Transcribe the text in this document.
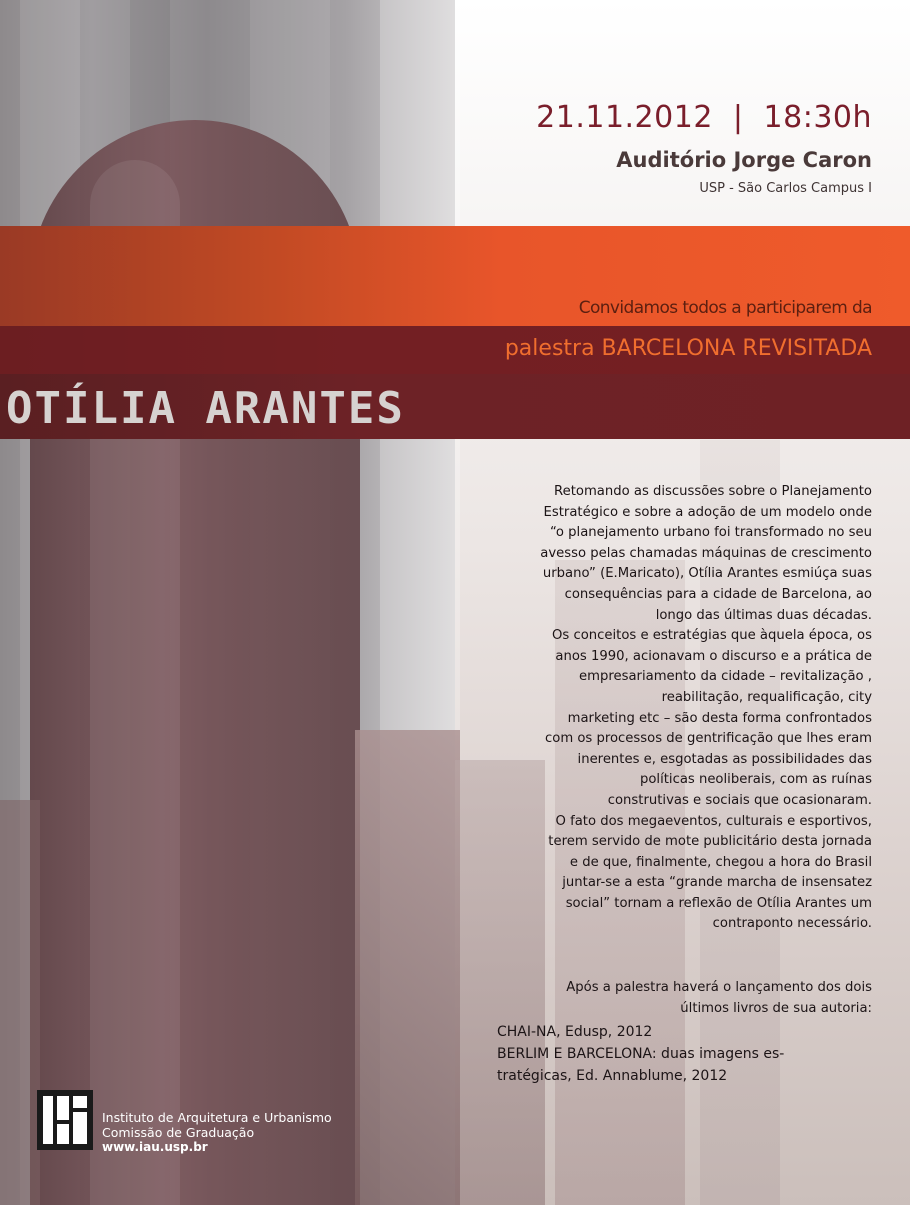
21.11.2012 | 18:30h
Auditório Jorge Caron
USP - São Carlos Campus I
Convidamos todos a participarem da
palestra BARCELONA REVISITADA
OTÍLIA ARANTES

Retomando as discussões sobre o Planejamento

Estratégico e sobre a adoção de um modelo onde

“o planejamento urbano foi transformado no seu

avesso pelas chamadas máquinas de crescimento

urbano” (E.Maricato), Otília Arantes esmiúça suas

consequências para a cidade de Barcelona, ao

longo das últimas duas décadas.

Os conceitos e estratégias que àquela época, os

anos 1990, acionavam o discurso e a prática de

empresariamento da cidade – revitalização ,

reabilitação, requalificação, city

marketing etc – são desta forma confrontados

com os processos de gentrificação que lhes eram

inerentes e, esgotadas as possibilidades das

políticas neoliberais, com as ruínas

construtivas e sociais que ocasionaram.

O fato dos megaeventos, culturais e esportivos,

terem servido de mote publicitário desta jornada

e de que, finalmente, chegou a hora do Brasil

juntar-se a esta “grande marcha de insensatez

social” tornam a reflexão de Otília Arantes um

contraponto necessário.

Após a palestra haverá o lançamento dos dois
últimos livros de sua autoria:
CHAI-NA, Edusp, 2012
BERLIM E BARCELONA: duas imagens es-
tratégicas, Ed. Annablume, 2012
Instituto de Arquitetura e Urbanismo
Comissão de Graduação
www.iau.usp.br
